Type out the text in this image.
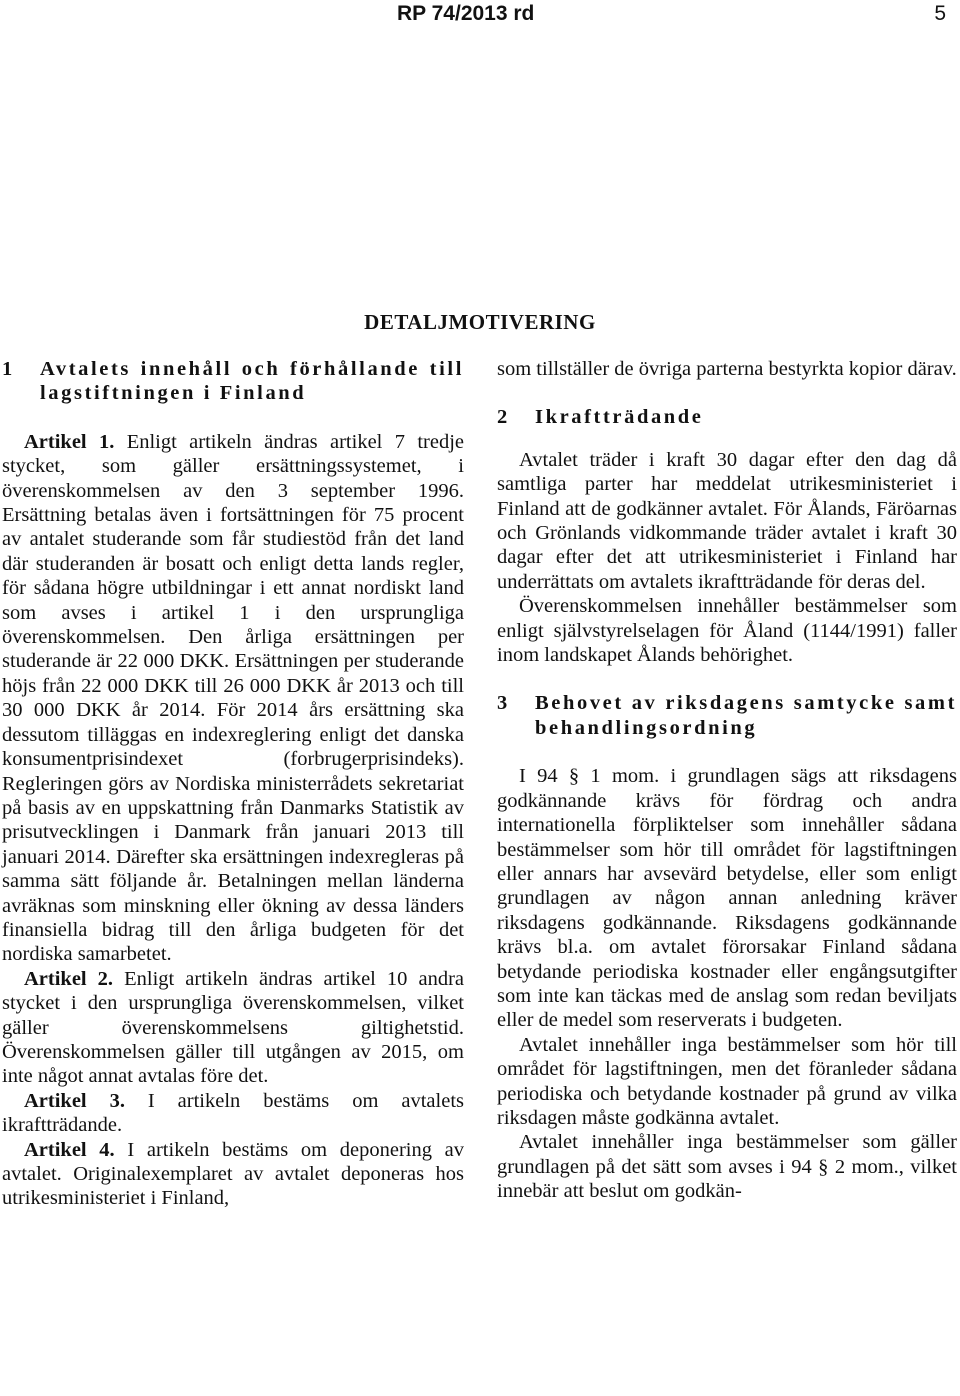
RP 74/2013 rd	5
DETALJMOTIVERING
1	Avtalets innehåll och förhållande till lagstiftningen i Finland

Artikel 1. Enligt artikeln ändras artikel 7 tredje stycket, som gäller ersättningssystemet, i överenskommelsen av den 3 september 1996. Ersättning betalas även i fortsättningen för 75 procent av antalet studerande som får studiestöd från det land där studeranden är bosatt och enligt detta lands regler, för sådana högre utbildningar i ett annat nordiskt land som avses i artikel 1 i den ursprungliga överenskommelsen. Den årliga ersättningen per studerande är 22 000 DKK. Ersättningen per studerande höjs från 22 000 DKK till 26 000 DKK år 2013 och till 30 000 DKK år 2014. För 2014 års ersättning ska dessutom tilläggas en indexreglering enligt det danska konsumentprisindexet (forbrugerprisindeks). Regleringen görs av Nordiska ministerrådets sekretariat på basis av en uppskattning från Danmarks Statistik av prisutvecklingen i Danmark från januari 2013 till januari 2014. Därefter ska ersättningen indexregleras på samma sätt följande år. Betalningen mellan länderna avräknas som minskning eller ökning av dessa länders finansiella bidrag till den årliga budgeten för det nordiska samarbetet.

Artikel 2. Enligt artikeln ändras artikel 10 andra stycket i den ursprungliga överenskommelsen, vilket gäller överenskommelsens giltighetstid. Överenskommelsen gäller till utgången av 2015, om inte något annat avtalas före det.

Artikel 3. I artikeln bestäms om avtalets ikraftträdande.

Artikel 4. I artikeln bestäms om deponering av avtalet. Originalexemplaret av avtalet deponeras hos utrikesministeriet i Finland,

som tillställer de övriga parterna bestyrkta kopior därav.

2	Ikraftträdande

Avtalet träder i kraft 30 dagar efter den dag då samtliga parter har meddelat utrikesministeriet i Finland att de godkänner avtalet. För Ålands, Färöarnas och Grönlands vidkommande träder avtalet i kraft 30 dagar efter det att utrikesministeriet i Finland har underrättats om avtalets ikraftträdande för deras del.

Överenskommelsen innehåller bestämmelser som enligt självstyrelselagen för Åland (1144/1991) faller inom landskapet Ålands behörighet.

3	Behovet av riksdagens samtycke samt behandlingsordning

I 94 § 1 mom. i grundlagen sägs att riksdagens godkännande krävs för fördrag och andra internationella förpliktelser som innehåller sådana bestämmelser som hör till området för lagstiftningen eller annars har avsevärd betydelse, eller som enligt grundlagen av någon annan anledning kräver riksdagens godkännande. Riksdagens godkännande krävs bl.a. om avtalet förorsakar Finland sådana betydande periodiska kostnader eller engångsutgifter som inte kan täckas med de anslag som redan beviljats eller de medel som reserverats i budgeten.

Avtalet innehåller inga bestämmelser som hör till området för lagstiftningen, men det föranleder sådana periodiska och betydande kostnader på grund av vilka riksdagen måste godkänna avtalet.

Avtalet innehåller inga bestämmelser som gäller grundlagen på det sätt som avses i 94 § 2 mom., vilket innebär att beslut om godkän-
